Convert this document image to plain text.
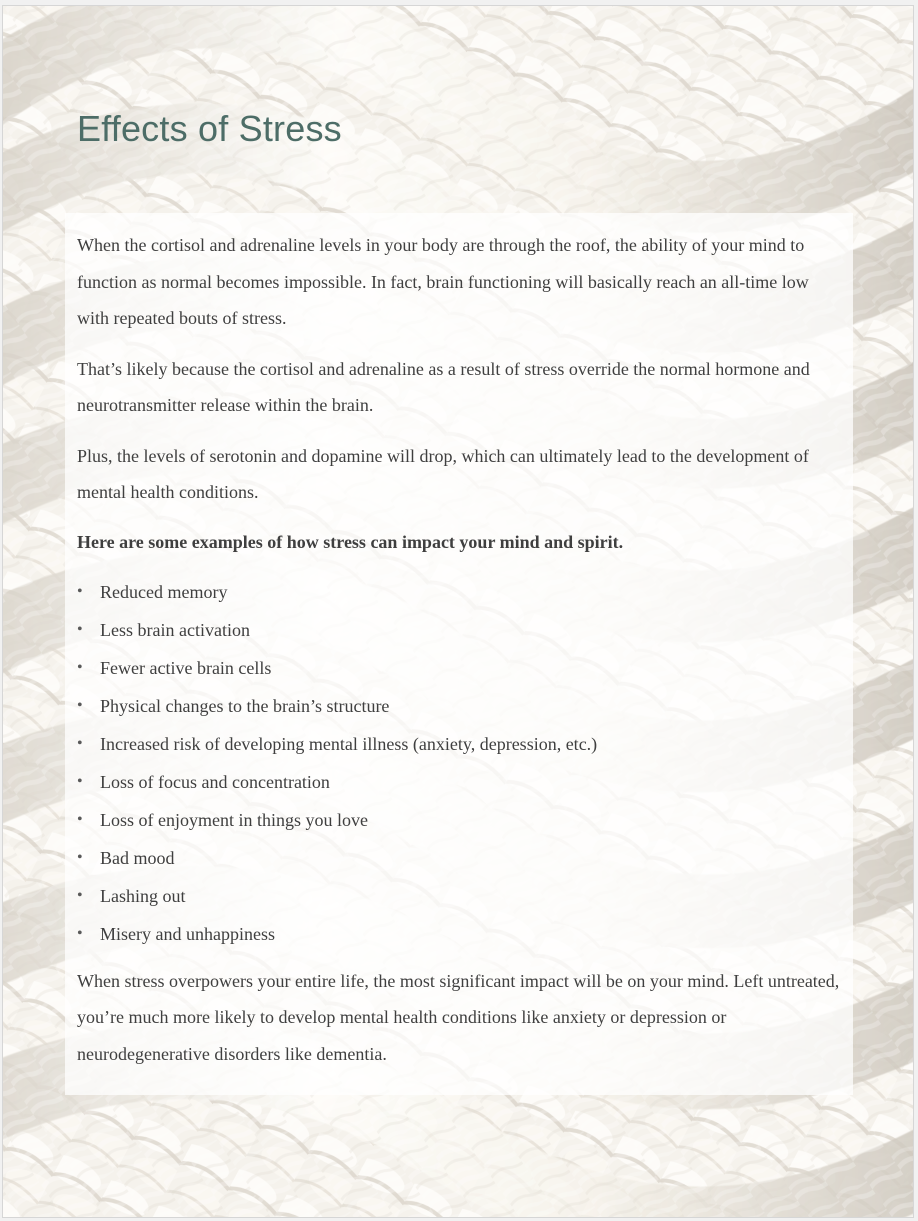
Effects of Stress

When the cortisol and adrenaline levels in your body are through the roof, the ability of your mind to function as normal becomes impossible. In fact, brain functioning will basically reach an all-time low with repeated bouts of stress.

That’s likely because the cortisol and adrenaline as a result of stress override the normal hormone and neurotransmitter release within the brain.

Plus, the levels of serotonin and dopamine will drop, which can ultimately lead to the development of mental health conditions.

Here are some examples of how stress can impact your mind and spirit.

• Reduced memory
• Less brain activation
• Fewer active brain cells
• Physical changes to the brain’s structure
• Increased risk of developing mental illness (anxiety, depression, etc.)
• Loss of focus and concentration
• Loss of enjoyment in things you love
• Bad mood
• Lashing out
• Misery and unhappiness

When stress overpowers your entire life, the most significant impact will be on your mind. Left untreated, you’re much more likely to develop mental health conditions like anxiety or depression or neurodegenerative disorders like dementia.
